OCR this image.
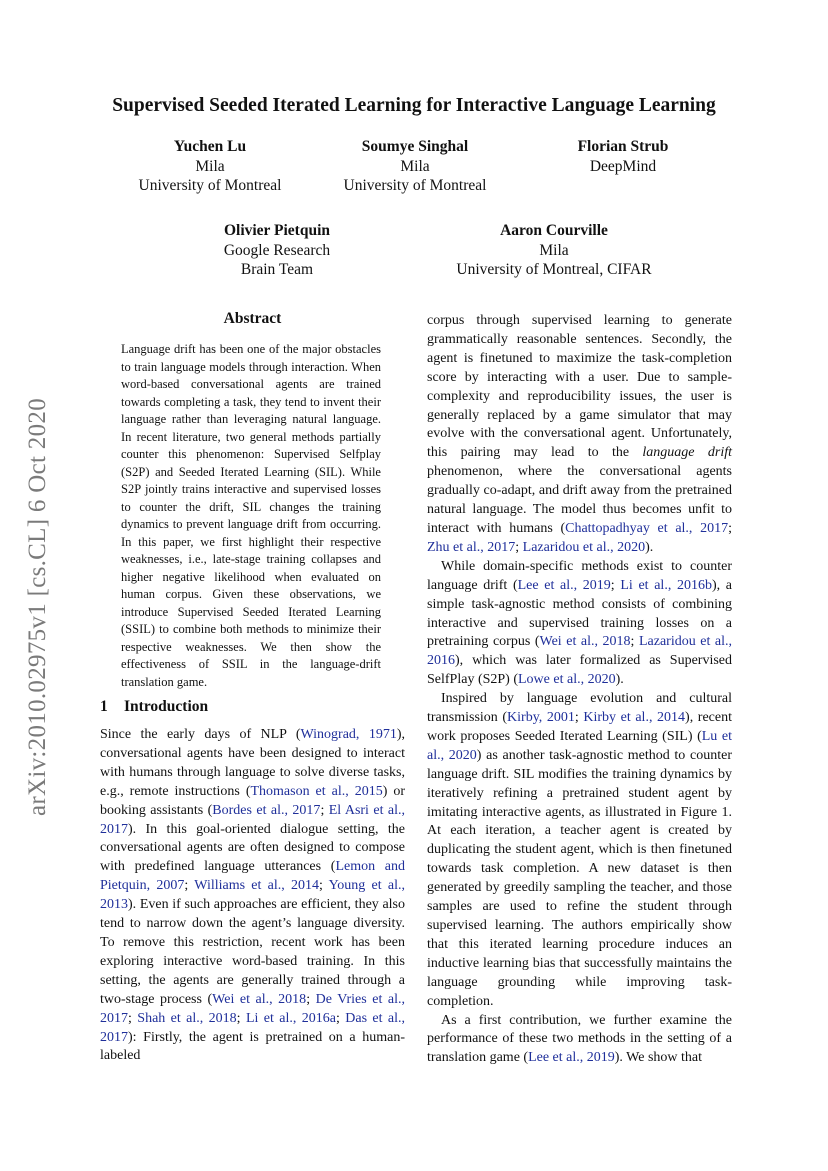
arXiv:2010.02975v1 [cs.CL] 6 Oct 2020
Supervised Seeded Iterated Learning for Interactive Language Learning
Yuchen Lu
Mila
University of Montreal
Soumye Singhal
Mila
University of Montreal
Florian Strub
DeepMind
Olivier Pietquin
Google Research
Brain Team
Aaron Courville
Mila
University of Montreal, CIFAR
Abstract
Language drift has been one of the major obstacles to train language models through interaction. When word-based conversational agents are trained towards completing a task, they tend to invent their language rather than leveraging natural language. In recent literature, two general methods partially counter this phenomenon: Supervised Selfplay (S2P) and Seeded Iterated Learning (SIL). While S2P jointly trains interactive and supervised losses to counter the drift, SIL changes the training dynamics to prevent language drift from occurring. In this paper, we first highlight their respective weaknesses, i.e., late-stage training collapses and higher negative likelihood when evaluated on human corpus. Given these observations, we introduce Supervised Seeded Iterated Learning (SSIL) to combine both methods to minimize their respective weaknesses. We then show the effectiveness of SSIL in the language-drift translation game.
1 Introduction

Since the early days of NLP (Winograd, 1971), conversational agents have been designed to interact with humans through language to solve diverse tasks, e.g., remote instructions (Thomason et al., 2015) or booking assistants (Bordes et al., 2017; El Asri et al., 2017). In this goal-oriented dialogue setting, the conversational agents are often designed to compose with predefined language utterances (Lemon and Pietquin, 2007; Williams et al., 2014; Young et al., 2013). Even if such approaches are efficient, they also tend to narrow down the agent’s language diversity. To remove this restriction, recent work has been exploring interactive word-based training. In this setting, the agents are generally trained through a two-stage process (Wei et al., 2018; De Vries et al., 2017; Shah et al., 2018; Li et al., 2016a; Das et al., 2017): Firstly, the agent is pretrained on a human-labeled

corpus through supervised learning to generate grammatically reasonable sentences. Secondly, the agent is finetuned to maximize the task-completion score by interacting with a user. Due to sample-complexity and reproducibility issues, the user is generally replaced by a game simulator that may evolve with the conversational agent. Unfortunately, this pairing may lead to the language drift phenomenon, where the conversational agents gradually co-adapt, and drift away from the pretrained natural language. The model thus becomes unfit to interact with humans (Chattopadhyay et al., 2017; Zhu et al., 2017; Lazaridou et al., 2020).

While domain-specific methods exist to counter language drift (Lee et al., 2019; Li et al., 2016b), a simple task-agnostic method consists of combining interactive and supervised training losses on a pretraining corpus (Wei et al., 2018; Lazaridou et al., 2016), which was later formalized as Supervised SelfPlay (S2P) (Lowe et al., 2020).

Inspired by language evolution and cultural transmission (Kirby, 2001; Kirby et al., 2014), recent work proposes Seeded Iterated Learning (SIL) (Lu et al., 2020) as another task-agnostic method to counter language drift. SIL modifies the training dynamics by iteratively refining a pretrained student agent by imitating interactive agents, as illustrated in Figure 1. At each iteration, a teacher agent is created by duplicating the student agent, which is then finetuned towards task completion. A new dataset is then generated by greedily sampling the teacher, and those samples are used to refine the student through supervised learning. The authors empirically show that this iterated learning procedure induces an inductive learning bias that successfully maintains the language grounding while improving task-completion.

As a first contribution, we further examine the performance of these two methods in the setting of a translation game (Lee et al., 2019). We show that
